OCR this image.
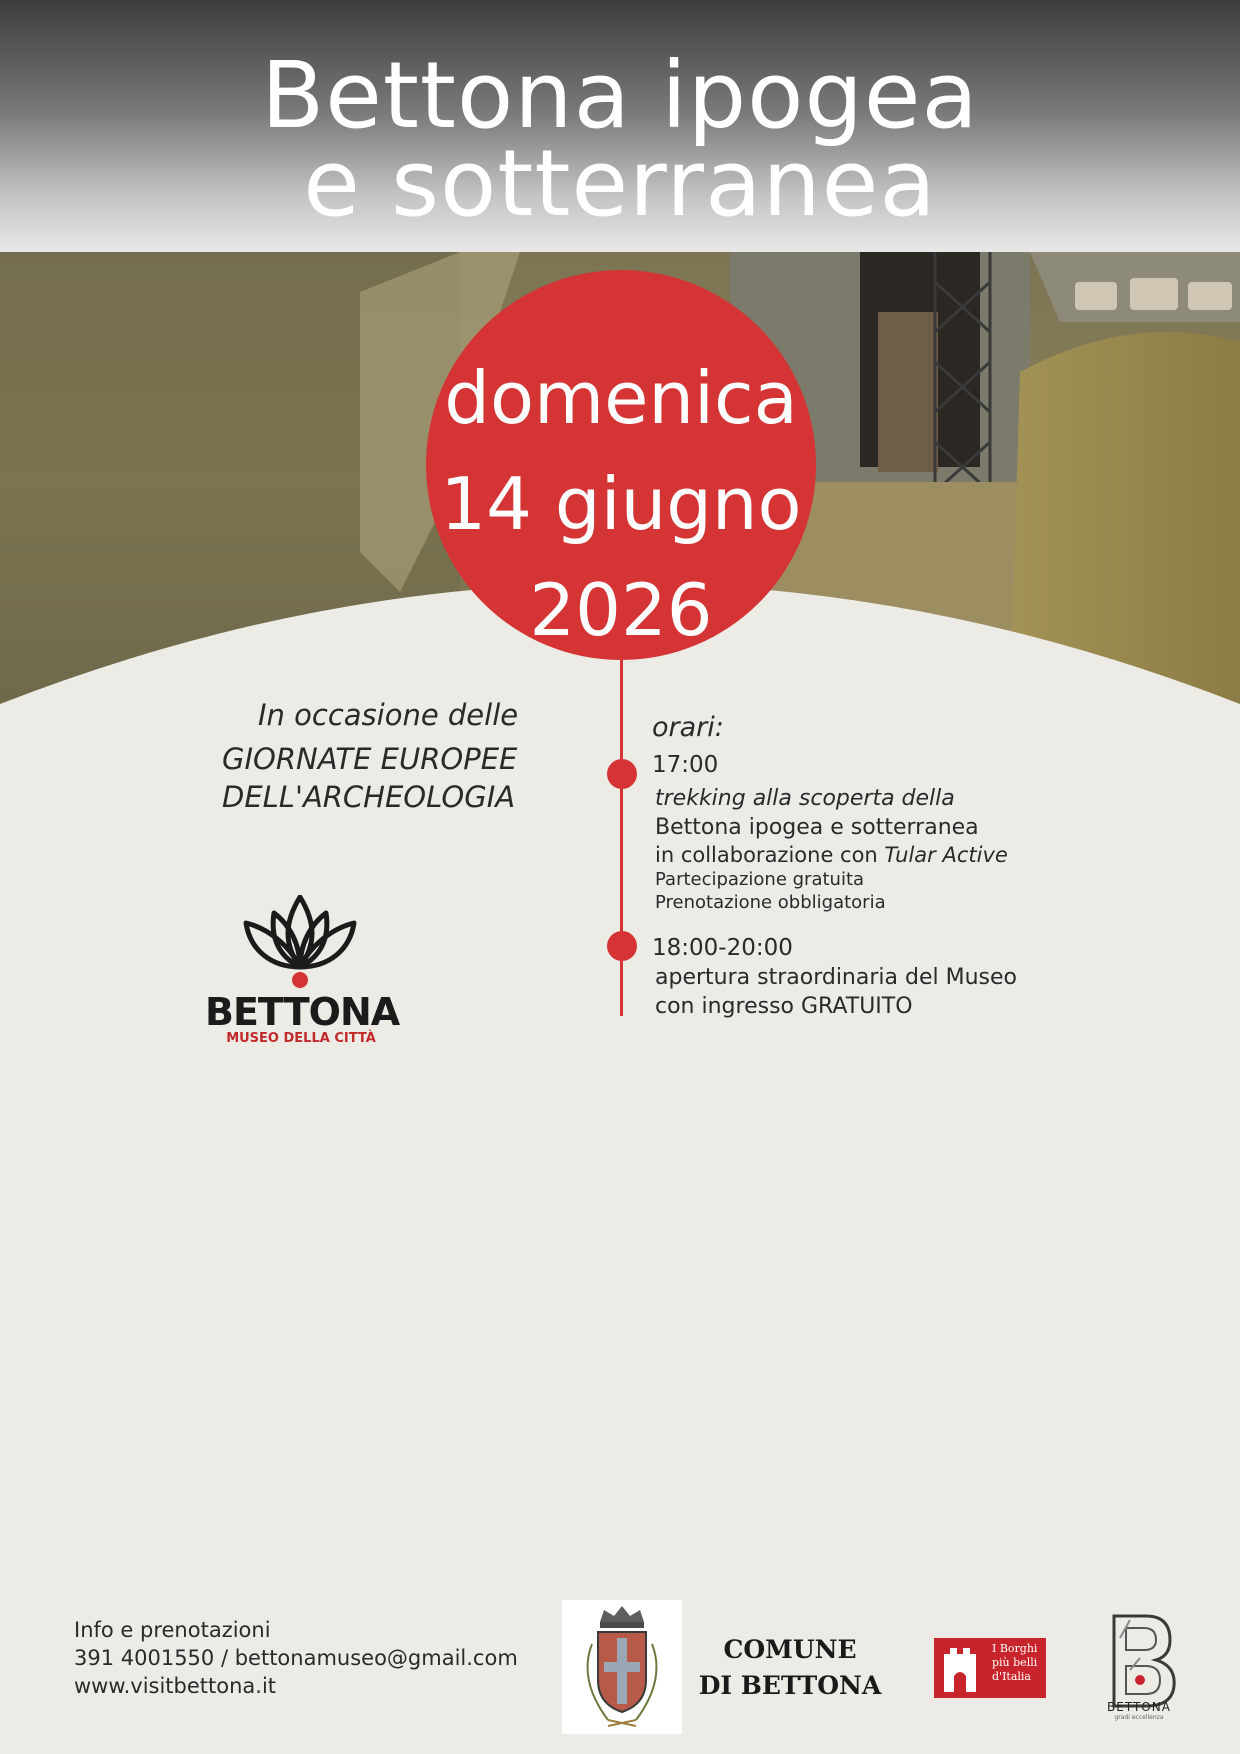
Bettona ipogea
e sotterranea
domenica
14 giugno
2026
In occasione delle
GIORNATE EUROPEE
DELL'ARCHEOLOGIA
orari:
17:00
trekking alla scoperta della
Bettona ipogea e sotterranea
in collaborazione con Tular Active
Partecipazione gratuita
Prenotazione obbligatoria
18:00-20:00
apertura straordinaria del Museo
con ingresso GRATUITO
BETTONA
MUSEO DELLA CITTÀ
Info e prenotazioni
391 4001550 / bettonamuseo@gmail.com
www.visitbettona.it
COMUNE
DI BETTONA
I Borghi
più belli
d'Italia
BETTONA
gradi eccellenza
